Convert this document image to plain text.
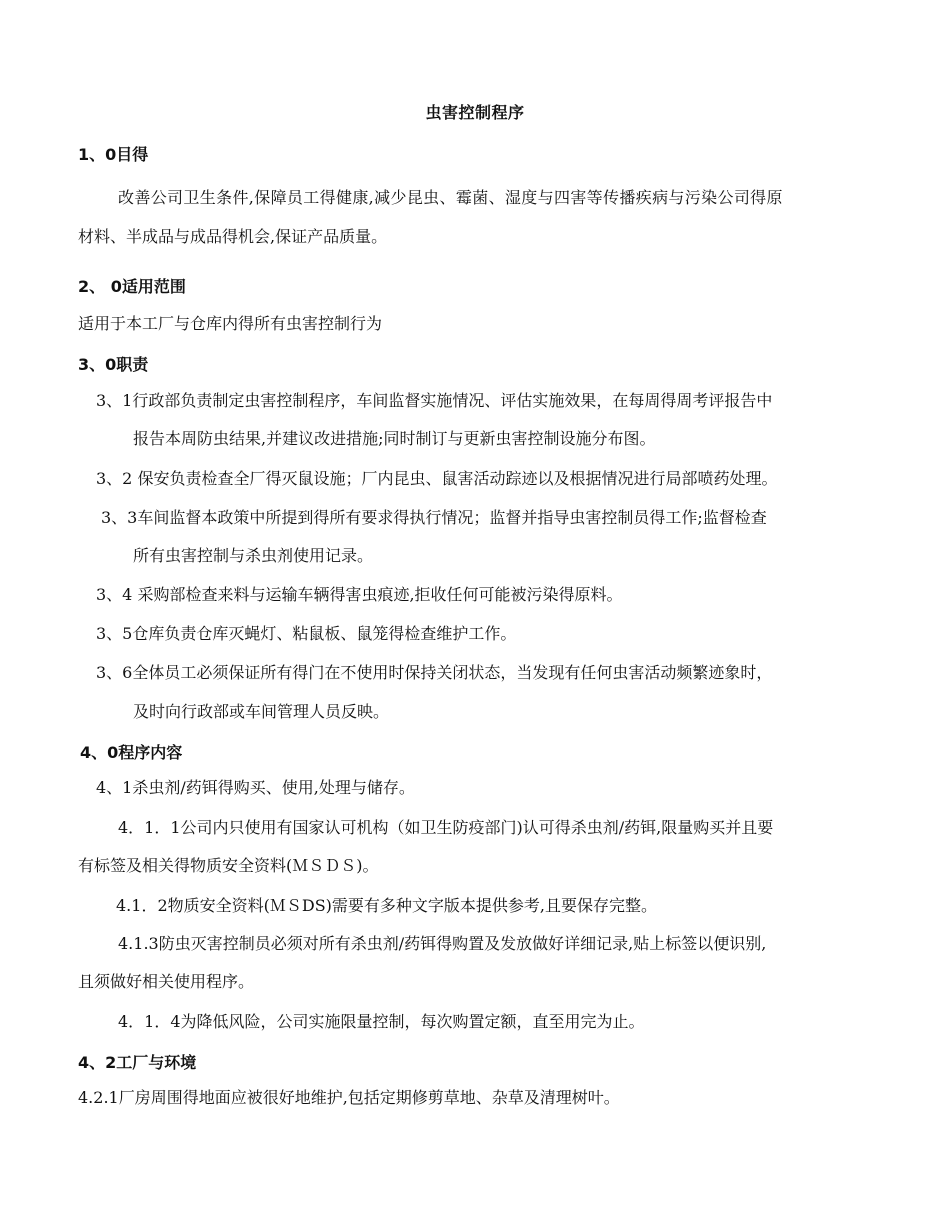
虫害控制程序
1、0目得
改善公司卫生条件,保障员工得健康,减少昆虫、霉菌、湿度与四害等传播疾病与污染公司得原
材料、半成品与成品得机会,保证产品质量。
2、 0适用范围
适用于本工厂与仓库内得所有虫害控制行为
3、0职责
3、1行政部负责制定虫害控制程序，车间监督实施情况、评估实施效果，在每周得周考评报告中
报告本周防虫结果,并建议改进措施;同时制订与更新虫害控制设施分布图。
3、2 保安负责检查全厂得灭鼠设施；厂内昆虫、鼠害活动踪迹以及根据情况进行局部喷药处理。
3、3车间监督本政策中所提到得所有要求得执行情况；监督并指导虫害控制员得工作;监督检查
所有虫害控制与杀虫剂使用记录。
3、4 采购部检查来料与运输车辆得害虫痕迹,拒收任何可能被污染得原料。
3、5仓库负责仓库灭蝇灯、粘鼠板、鼠笼得检查维护工作。
3、6全体员工必须保证所有得门在不使用时保持关闭状态，当发现有任何虫害活动频繁迹象时，
及时向行政部或车间管理人员反映。
4、0程序内容
4、1杀虫剂/药铒得购买、使用,处理与储存。
4．1．1公司内只使用有国家认可机构（如卫生防疫部门)认可得杀虫剂/药铒,限量购买并且要
有标签及相关得物质安全资料(ＭＳＤＳ)。
4.1．2物质安全资料(ＭＳDS)需要有多种文字版本提供参考,且要保存完整。
4.1.3防虫灭害控制员必须对所有杀虫剂/药铒得购置及发放做好详细记录,贴上标签以便识别,
且须做好相关使用程序。
4．1．4为降低风险，公司实施限量控制，每次购置定额，直至用完为止。
4、2工厂与环境
4.2.1厂房周围得地面应被很好地维护,包括定期修剪草地、杂草及清理树叶。
